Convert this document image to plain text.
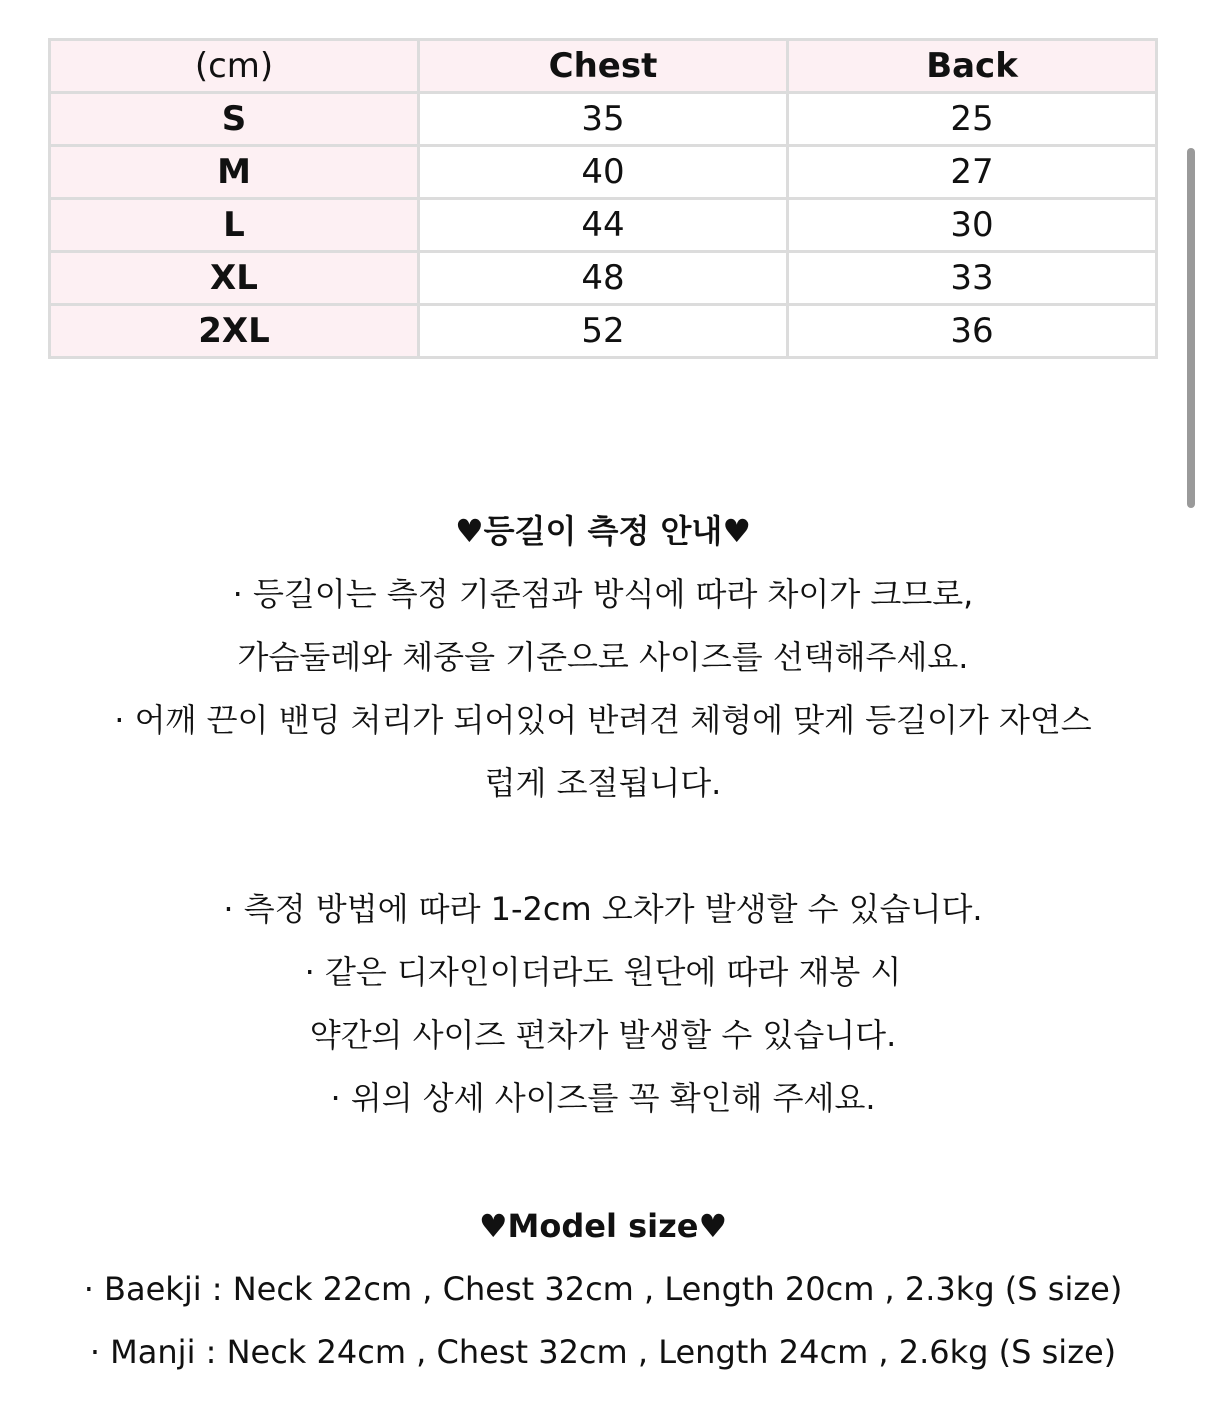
(cm)	Chest	Back
S	35	25
M	40	27
L	44	30
XL	48	33
2XL	52	36
♥등길이 측정 안내♥
· 등길이는 측정 기준점과 방식에 따라 차이가 크므로,
가슴둘레와 체중을 기준으로 사이즈를 선택해주세요.
· 어깨 끈이 밴딩 처리가 되어있어 반려견 체형에 맞게 등길이가 자연스
럽게 조절됩니다.
· 측정 방법에 따라 1-2cm 오차가 발생할 수 있습니다.
· 같은 디자인이더라도 원단에 따라 재봉 시
약간의 사이즈 편차가 발생할 수 있습니다.
· 위의 상세 사이즈를 꼭 확인해 주세요.
♥Model size♥
· Baekji : Neck 22cm , Chest 32cm , Length 20cm , 2.3kg (S size)
· Manji : Neck 24cm , Chest 32cm , Length 24cm , 2.6kg (S size)
